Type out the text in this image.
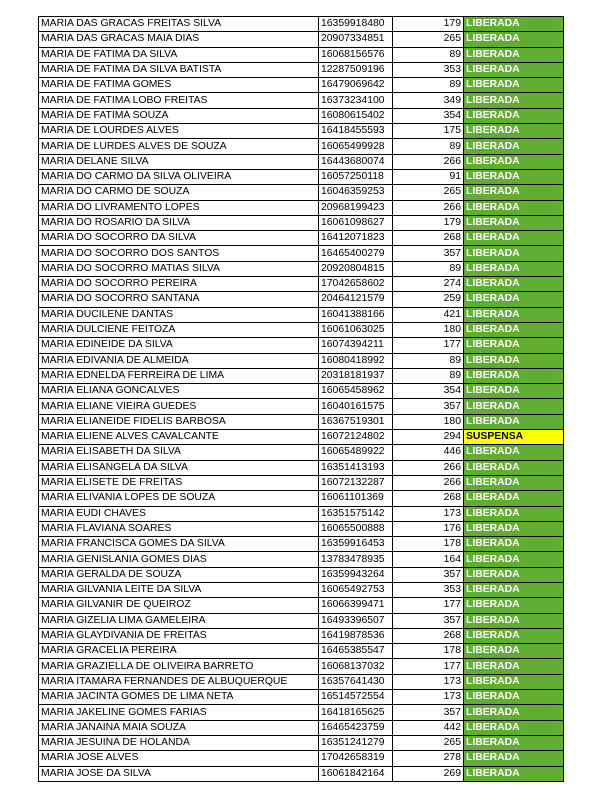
MARIA DAS GRACAS FREITAS SILVA	16359918480	179	LIBERADA
MARIA DAS GRACAS MAIA DIAS	20907334851	265	LIBERADA
MARIA DE FATIMA DA SILVA	16068156576	89	LIBERADA
MARIA DE FATIMA DA SILVA BATISTA	12287509196	353	LIBERADA
MARIA DE FATIMA GOMES	16479069642	89	LIBERADA
MARIA DE FATIMA LOBO FREITAS	16373234100	349	LIBERADA
MARIA DE FATIMA SOUZA	16080615402	354	LIBERADA
MARIA DE LOURDES ALVES	16418455593	175	LIBERADA
MARIA DE LURDES ALVES DE SOUZA	16065499928	89	LIBERADA
MARIA DELANE SILVA	16443680074	266	LIBERADA
MARIA DO CARMO DA SILVA OLIVEIRA	16057250118	91	LIBERADA
MARIA DO CARMO DE SOUZA	16046359253	265	LIBERADA
MARIA DO LIVRAMENTO LOPES	20968199423	266	LIBERADA
MARIA DO ROSARIO DA SILVA	16061098627	179	LIBERADA
MARIA DO SOCORRO DA SILVA	16412071823	268	LIBERADA
MARIA DO SOCORRO DOS SANTOS	16465400279	357	LIBERADA
MARIA DO SOCORRO MATIAS SILVA	20920804815	89	LIBERADA
MARIA DO SOCORRO PEREIRA	17042658602	274	LIBERADA
MARIA DO SOCORRO SANTANA	20464121579	259	LIBERADA
MARIA DUCILENE DANTAS	16041388166	421	LIBERADA
MARIA DULCIENE FEITOZA	16061063025	180	LIBERADA
MARIA EDINEIDE DA SILVA	16074394211	177	LIBERADA
MARIA EDIVANIA DE ALMEIDA	16080418992	89	LIBERADA
MARIA EDNELDA FERREIRA DE LIMA	20318181937	89	LIBERADA
MARIA ELIANA GONCALVES	16065458962	354	LIBERADA
MARIA ELIANE VIEIRA GUEDES	16040161575	357	LIBERADA
MARIA ELIANEIDE FIDELIS BARBOSA	16367519301	180	LIBERADA
MARIA ELIENE ALVES CAVALCANTE	16072124802	294	SUSPENSA
MARIA ELISABETH DA SILVA	16065489922	446	LIBERADA
MARIA ELISANGELA DA SILVA	16351413193	266	LIBERADA
MARIA ELISETE DE FREITAS	16072132287	266	LIBERADA
MARIA ELIVANIA LOPES DE SOUZA	16061101369	268	LIBERADA
MARIA EUDI CHAVES	16351575142	173	LIBERADA
MARIA FLAVIANA SOARES	16065500888	176	LIBERADA
MARIA FRANCISCA GOMES DA SILVA	16359916453	178	LIBERADA
MARIA GENISLANIA GOMES DIAS	13783478935	164	LIBERADA
MARIA GERALDA DE SOUZA	16359943264	357	LIBERADA
MARIA GILVANIA LEITE DA SILVA	16065492753	353	LIBERADA
MARIA GILVANIR DE QUEIROZ	16066399471	177	LIBERADA
MARIA GIZELIA LIMA GAMELEIRA	16493396507	357	LIBERADA
MARIA GLAYDIVANIA DE FREITAS	16419878536	268	LIBERADA
MARIA GRACELIA PEREIRA	16465385547	178	LIBERADA
MARIA GRAZIELLA DE OLIVEIRA BARRETO	16068137032	177	LIBERADA
MARIA ITAMARA FERNANDES DE ALBUQUERQUE	16357641430	173	LIBERADA
MARIA JACINTA GOMES DE LIMA NETA	16514572554	173	LIBERADA
MARIA JAKELINE GOMES FARIAS	16418165625	357	LIBERADA
MARIA JANAINA MAIA SOUZA	16465423759	442	LIBERADA
MARIA JESUINA DE HOLANDA	16351241279	265	LIBERADA
MARIA JOSE ALVES	17042658319	278	LIBERADA
MARIA JOSE DA SILVA	16061842164	269	LIBERADA
